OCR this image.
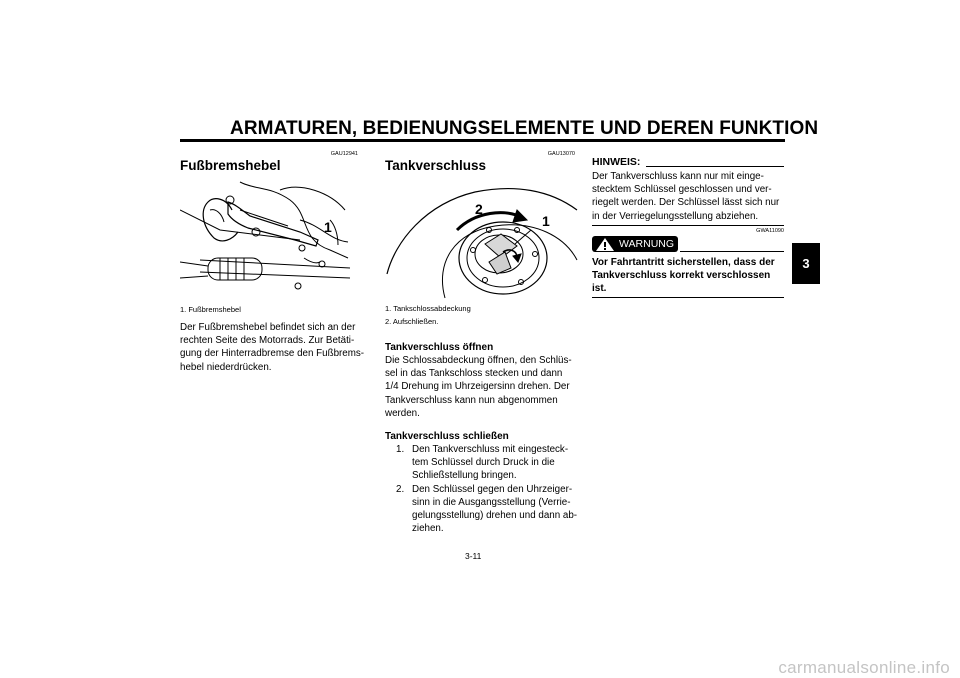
ARMATUREN, BEDIENUNGSELEMENTE UND DEREN FUNKTION
3
GAU12941
Fußbremshebel
1
1. Fußbremshebel
Der Fußbremshebel befindet sich an der
rechten Seite des Motorrads. Zur Betäti-
gung der Hinterradbremse den Fußbrems-
hebel niederdrücken.
GAU13070
Tankverschluss
2
1
1. Tankschlossabdeckung
2. Aufschließen.
Tankverschluss öffnen
Die Schlossabdeckung öffnen, den Schlüs-
sel in das Tankschloss stecken und dann
1/4 Drehung im Uhrzeigersinn drehen. Der
Tankverschluss kann nun abgenommen
werden.
Tankverschluss schließen
1. Den Tankverschluss mit eingesteck-
tem Schlüssel durch Druck in die
Schließstellung bringen.
2. Den Schlüssel gegen den Uhrzeiger-
sinn in die Ausgangsstellung (Verrie-
gelungsstellung) drehen und dann ab-
ziehen.
HINWEIS:
Der Tankverschluss kann nur mit einge-
stecktem Schlüssel geschlossen und ver-
riegelt werden. Der Schlüssel lässt sich nur
in der Verriegelungsstellung abziehen.
GWA11090
WARNUNG
Vor Fahrtantritt sicherstellen, dass der
Tankverschluss korrekt verschlossen
ist.
3-11
carmanualsonline.info
